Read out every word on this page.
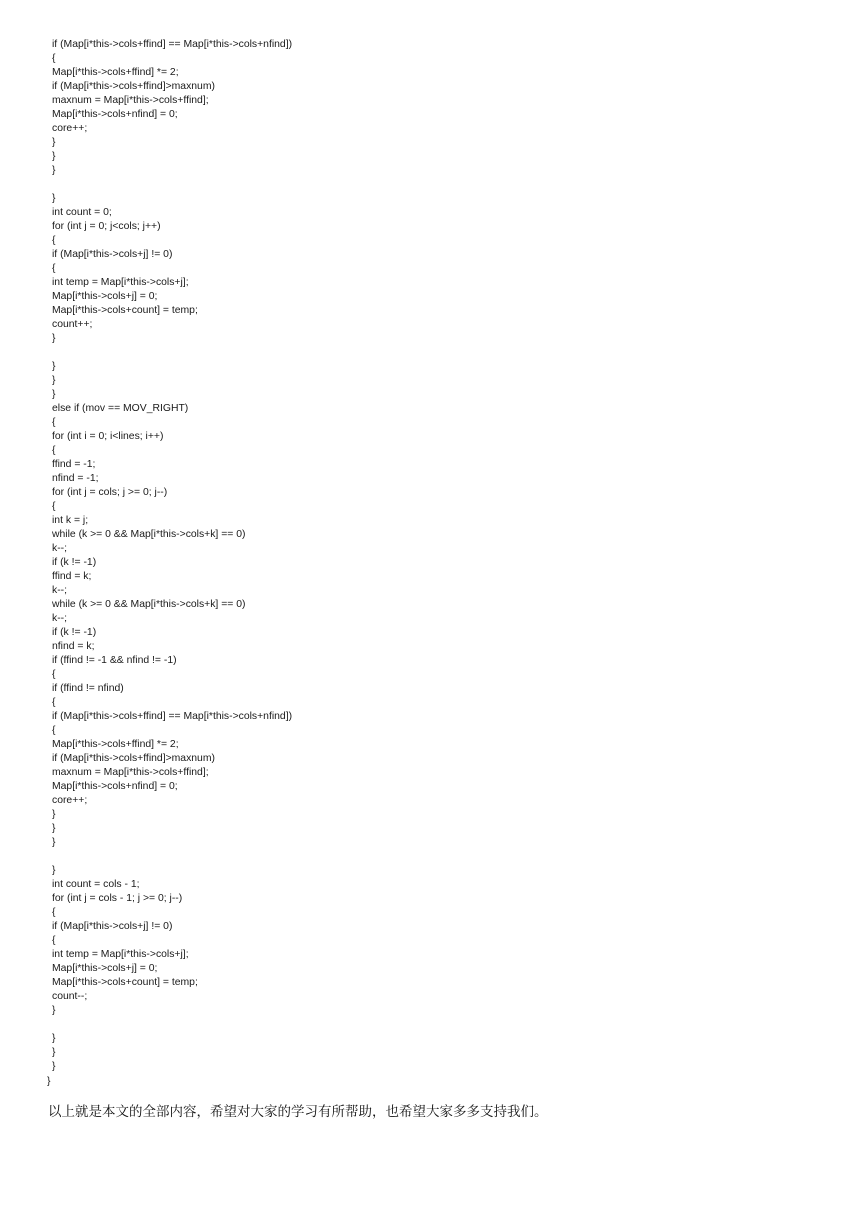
if (Map[i*this->cols+ffind] == Map[i*this->cols+nfind])
{
Map[i*this->cols+ffind] *= 2;
if (Map[i*this->cols+ffind]>maxnum)
maxnum = Map[i*this->cols+ffind];
Map[i*this->cols+nfind] = 0;
core++;
}
}
}
}
int count = 0;
for (int j = 0; j<cols; j++)
{
if (Map[i*this->cols+j] != 0)
{
int temp = Map[i*this->cols+j];
Map[i*this->cols+j] = 0;
Map[i*this->cols+count] = temp;
count++;
}
}
}
}
else if (mov == MOV_RIGHT)
{
for (int i = 0; i<lines; i++)
{
ffind = -1;
nfind = -1;
for (int j = cols; j >= 0; j--)
{
int k = j;
while (k >= 0 && Map[i*this->cols+k] == 0)
k--;
if (k != -1)
ffind = k;
k--;
while (k >= 0 && Map[i*this->cols+k] == 0)
k--;
if (k != -1)
nfind = k;
if (ffind != -1 && nfind != -1)
{
if (ffind != nfind)
{
if (Map[i*this->cols+ffind] == Map[i*this->cols+nfind])
{
Map[i*this->cols+ffind] *= 2;
if (Map[i*this->cols+ffind]>maxnum)
maxnum = Map[i*this->cols+ffind];
Map[i*this->cols+nfind] = 0;
core++;
}
}
}
}
int count = cols - 1;
for (int j = cols - 1; j >= 0; j--)
{
if (Map[i*this->cols+j] != 0)
{
int temp = Map[i*this->cols+j];
Map[i*this->cols+j] = 0;
Map[i*this->cols+count] = temp;
count--;
}
}
}
}
}
以上就是本文的全部内容，希望对大家的学习有所帮助，也希望大家多多支持我们。
